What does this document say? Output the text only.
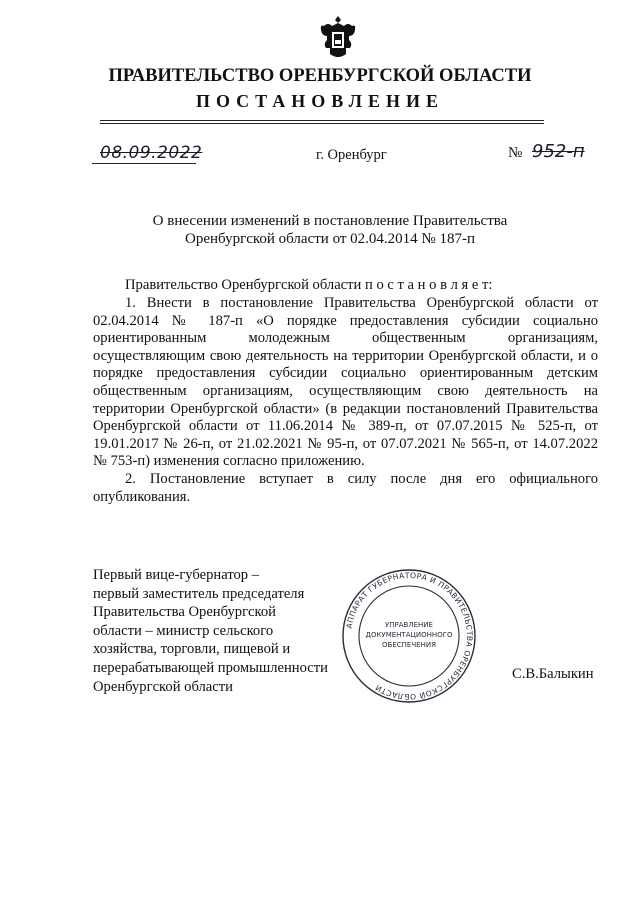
ПРАВИТЕЛЬСТВО ОРЕНБУРГСКОЙ ОБЛАСТИ
ПОСТАНОВЛЕНИЕ
08.09.2022	г. Оренбург	№ 952-п
О внесении изменений в постановление Правительства
Оренбургской области от 02.04.2014 № 187-п

Правительство Оренбургской области п о с т а н о в л я е т:

1. Внести в постановление Правительства Оренбургской области от 02.04.2014 № 187-п «О порядке предоставления субсидии социально ориентированным молодежным общественным организациям, осуществляющим свою деятельность на территории Оренбургской области, и о порядке предоставления субсидии социально ориентированным детским общественным организациям, осуществляющим свою деятельность на территории Оренбургской области» (в редакции постановлений Правительства Оренбургской области от 11.06.2014 № 389-п, от 07.07.2015 № 525-п, от 19.01.2017 № 26-п, от 21.02.2021 № 95-п, от 07.07.2021 № 565-п, от 14.07.2022 № 753-п) изменения согласно приложению.

2. Постановление вступает в силу после дня его официального опубликования.

Первый вице-губернатор –
первый заместитель председателя
Правительства Оренбургской
области – министр сельского
хозяйства, торговли, пищевой и
перерабатывающей промышленности
Оренбургской области
С.В.Балыкин
АППАРАТ ГУБЕРНАТОРА И ПРАВИТЕЛЬСТВА ОРЕНБУРГСКОЙ ОБЛАСТИ
УПРАВЛЕНИЕ
ДОКУМЕНТАЦИОННОГО
ОБЕСПЕЧЕНИЯ
